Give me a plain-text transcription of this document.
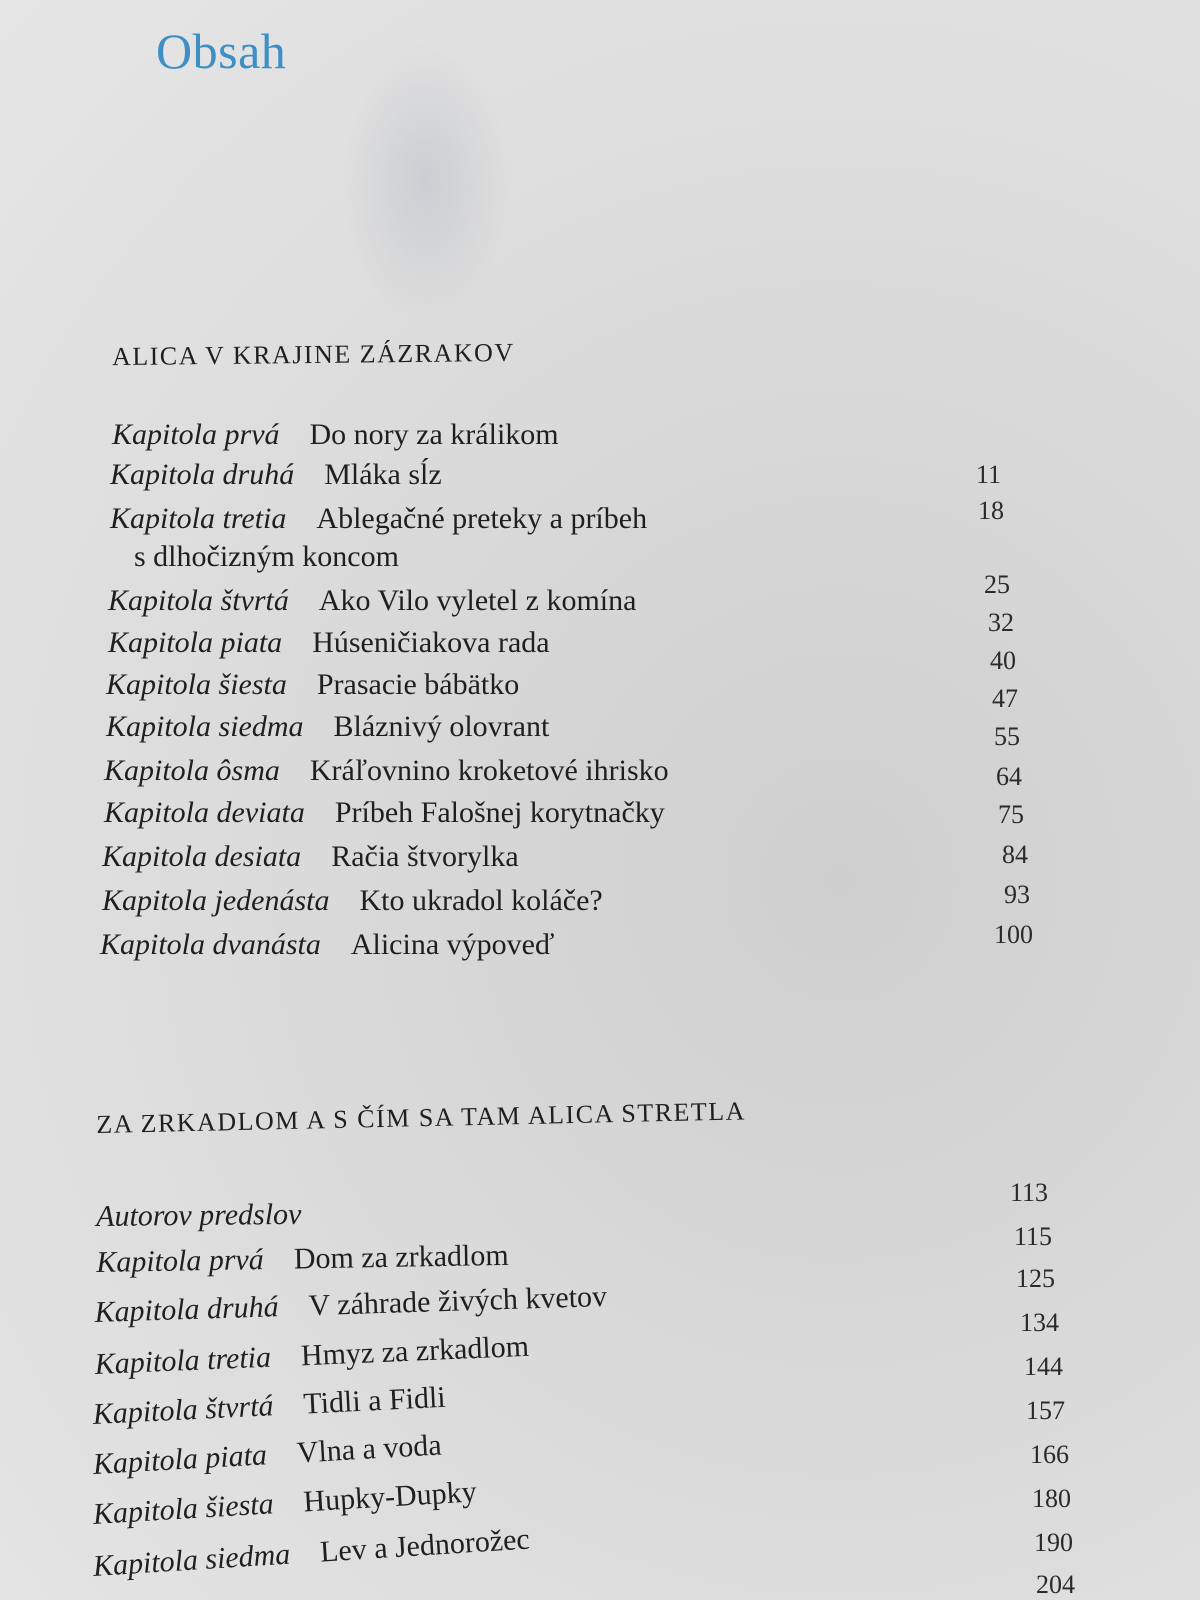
Obsah
ALICA V KRAJINE ZÁZRAKOV
Kapitola prvá Do nory za králikom
Kapitola druhá Mláka sĺz
Kapitola tretia Ablegačné preteky a príbeh
s dlhočizným koncom
Kapitola štvrtá Ako Vilo vyletel z komína
Kapitola piata Húseničiakova rada
Kapitola šiesta Prasacie bábätko
Kapitola siedma Bláznivý olovrant
Kapitola ôsma Kráľovnino kroketové ihrisko
Kapitola deviata Príbeh Falošnej korytnačky
Kapitola desiata Račia štvorylka
Kapitola jedenásta Kto ukradol koláče?
Kapitola dvanásta Alicina výpoveď
11
18
25
32
40
47
55
64
75
84
93
100
ZA ZRKADLOM A S ČÍM SA TAM ALICA STRETLA
Autorov predslov
Kapitola prvá Dom za zrkadlom
Kapitola druhá V záhrade živých kvetov
Kapitola tretia Hmyz za zrkadlom
Kapitola štvrtá Tidli a Fidli
Kapitola piata Vlna a voda
Kapitola šiesta Hupky-Dupky
Kapitola siedma Lev a Jednorožec
113
115
125
134
144
157
166
180
190
204
